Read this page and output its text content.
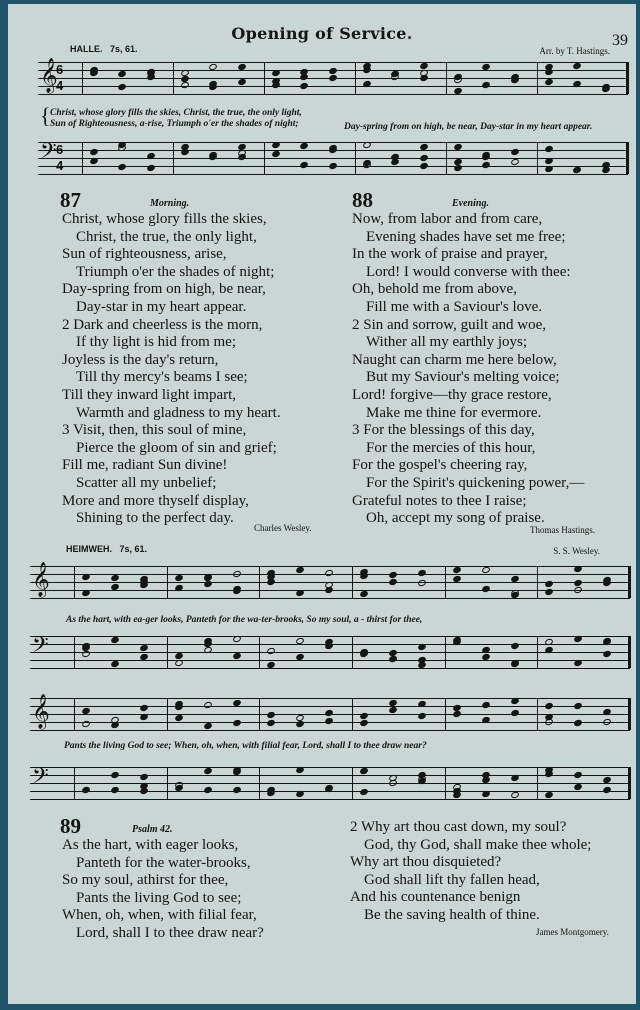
Opening of Service.	39
HALLE. 7s, 61.	Arr. by T. Hastings.
𝄞
6
4
{ Christ, whose glory fills the skies, Christ, the true, the only light,
Sun of Righteousness, a-rise, Triumph o'er the shades of night;	Day-spring from on high, be near, Day-star in my heart appear.
𝄢 6
4
87	Morning.
Christ, whose glory fills the skies,
Christ, the true, the only light,
Sun of righteousness, arise,
Triumph o'er the shades of night;
Day-spring from on high, be near,
Day-star in my heart appear.
2 Dark and cheerless is the morn,
If thy light is hid from me;
Joyless is the day's return,
Till thy mercy's beams I see;
Till they inward light impart,
Warmth and gladness to my heart.
3 Visit, then, this soul of mine,
Pierce the gloom of sin and grief;
Fill me, radiant Sun divine!
Scatter all my unbelief;
More and more thyself display,
Shining to the perfect day.
Charles Wesley.
88	Evening.
Now, from labor and from care,
Evening shades have set me free;
In the work of praise and prayer,
Lord! I would converse with thee:
Oh, behold me from above,
Fill me with a Saviour's love.
2 Sin and sorrow, guilt and woe,
Wither all my earthly joys;
Naught can charm me here below,
But my Saviour's melting voice;
Lord! forgive—thy grace restore,
Make me thine for evermore.
3 For the blessings of this day,
For the mercies of this hour,
For the gospel's cheering ray,
For the Spirit's quickening power,—
Grateful notes to thee I raise;
Oh, accept my song of praise.
Thomas Hastings.
HEIMWEH. 7s, 61.	S. S. Wesley.
𝄞
As the hart, with ea-ger looks, Panteth for the wa-ter-brooks, So my soul, a - thirst for thee,
𝄢
𝄞
Pants the living God to see; When, oh, when, with filial fear, Lord, shall I to thee draw near?
𝄢
89	Psalm 42.
As the hart, with eager looks,
Panteth for the water-brooks,
So my soul, athirst for thee,
Pants the living God to see;
When, oh, when, with filial fear,
Lord, shall I to thee draw near?
2 Why art thou cast down, my soul?
God, thy God, shall make thee whole;
Why art thou disquieted?
God shall lift thy fallen head,
And his countenance benign
Be the saving health of thine.
James Montgomery.
